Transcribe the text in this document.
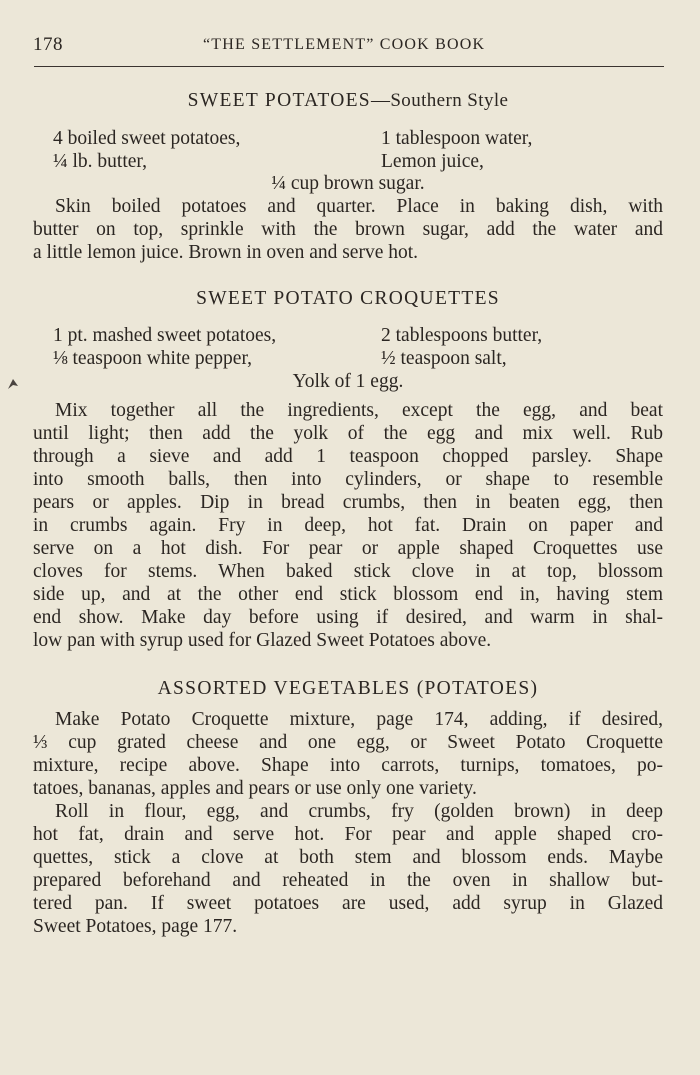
178	“THE SETTLEMENT” COOK BOOK
SWEET POTATOES—Southern Style
4 boiled sweet potatoes,	1 tablespoon water,
¼ lb. butter,	Lemon juice,
¼ cup brown sugar.
Skin boiled potatoes and quarter. Place in baking dish, with
butter on top, sprinkle with the brown sugar, add the water and
a little lemon juice. Brown in oven and serve hot.
SWEET POTATO CROQUETTES
1 pt. mashed sweet potatoes,	2 tablespoons butter,
⅛ teaspoon white pepper,	½ teaspoon salt,
Yolk of 1 egg.
Mix together all the ingredients, except the egg, and beat
until light; then add the yolk of the egg and mix well. Rub
through a sieve and add 1 teaspoon chopped parsley. Shape
into smooth balls, then into cylinders, or shape to resemble
pears or apples. Dip in bread crumbs, then in beaten egg, then
in crumbs again. Fry in deep, hot fat. Drain on paper and
serve on a hot dish. For pear or apple shaped Croquettes use
cloves for stems. When baked stick clove in at top, blossom
side up, and at the other end stick blossom end in, having stem
end show. Make day before using if desired, and warm in shal-
low pan with syrup used for Glazed Sweet Potatoes above.
ASSORTED VEGETABLES (POTATOES)
Make Potato Croquette mixture, page 174, adding, if desired,
⅓ cup grated cheese and one egg, or Sweet Potato Croquette
mixture, recipe above. Shape into carrots, turnips, tomatoes, po-
tatoes, bananas, apples and pears or use only one variety.
Roll in flour, egg, and crumbs, fry (golden brown) in deep
hot fat, drain and serve hot. For pear and apple shaped cro-
quettes, stick a clove at both stem and blossom ends. Maybe
prepared beforehand and reheated in the oven in shallow but-
tered pan. If sweet potatoes are used, add syrup in Glazed
Sweet Potatoes, page 177.
